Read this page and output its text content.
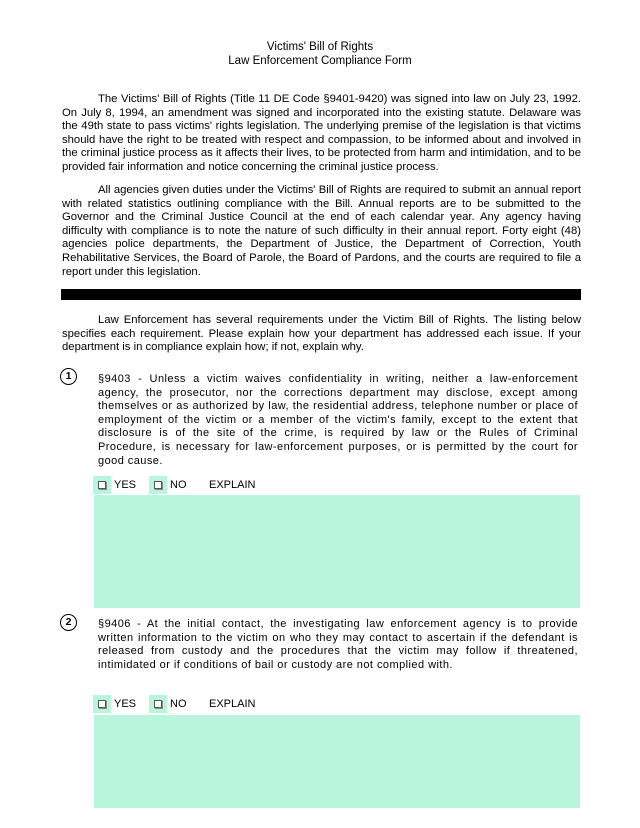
Victims' Bill of Rights
Law Enforcement Compliance Form

The Victims' Bill of Rights (Title 11 DE Code §9401-9420) was signed into law on July 23, 1992. On July 8, 1994, an amendment was signed and incorporated into the existing statute. Delaware was the 49th state to pass victims' rights legislation. The underlying premise of the legislation is that victims should have the right to be treated with respect and compassion, to be informed about and involved in the criminal justice process as it affects their lives, to be protected from harm and intimidation, and to be provided fair information and notice concerning the criminal justice process.

All agencies given duties under the Victims' Bill of Rights are required to submit an annual report with related statistics outlining compliance with the Bill. Annual reports are to be submitted to the Governor and the Criminal Justice Council at the end of each calendar year. Any agency having difficulty with compliance is to note the nature of such difficulty in their annual report. Forty eight (48) agencies police departments, the Department of Justice, the Department of Correction, Youth Rehabilitative Services, the Board of Parole, the Board of Pardons, and the courts are required to file a report under this legislation.

Law Enforcement has several requirements under the Victim Bill of Rights. The listing below specifies each requirement. Please explain how your department has addressed each issue. If your department is in compliance explain how; if not, explain why.

1	§9403 - Unless a victim waives confidentiality in writing, neither a law-enforcement agency, the prosecutor, nor the corrections department may disclose, except among themselves or as authorized by law, the residential address, telephone number or place of employment of the victim or a member of the victim's family, except to the extent that disclosure is of the site of the crime, is required by law or the Rules of Criminal Procedure, is necessary for law-enforcement purposes, or is permitted by the court for good cause.

YES	NO EXPLAIN
2	§9406 - At the initial contact, the investigating law enforcement agency is to provide written information to the victim on who they may contact to ascertain if the defendant is released from custody and the procedures that the victim may follow if threatened, intimidated or if conditions of bail or custody are not complied with.

YES	NO EXPLAIN
